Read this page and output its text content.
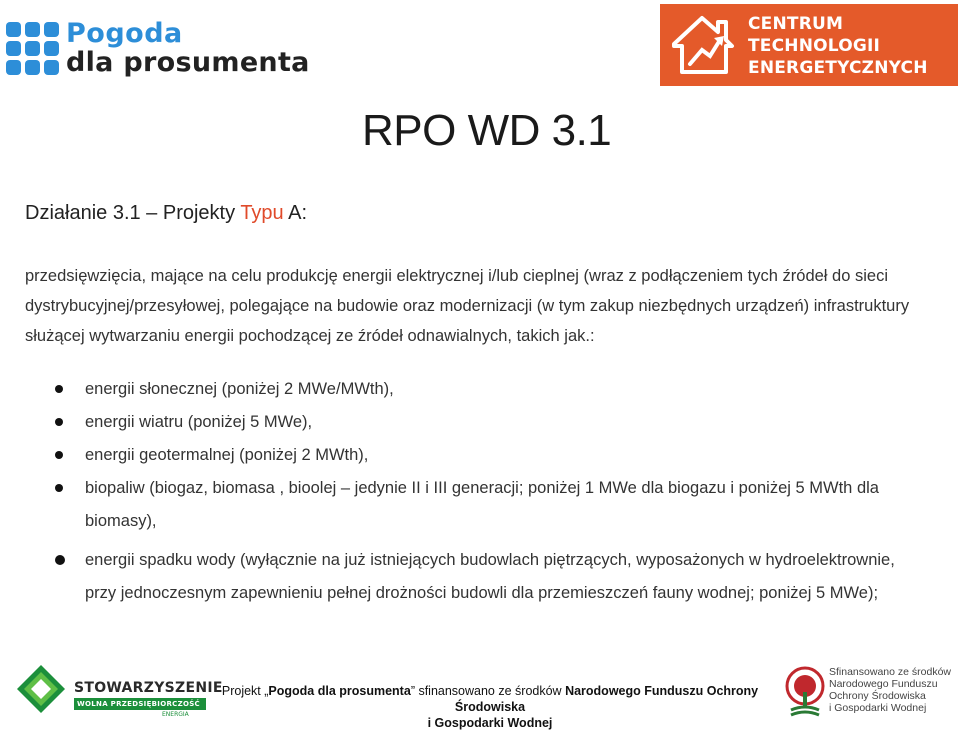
Pogoda
dla prosumenta
CENTRUM
TECHNOLOGII
ENERGETYCZNYCH
RPO WD 3.1
Działanie 3.1 – Projekty Typu A:
przedsięwzięcia, mające na celu produkcję energii elektrycznej i/lub cieplnej (wraz z podłączeniem tych źródeł do sieci
dystrybucyjnej/przesyłowej, polegające na budowie oraz modernizacji (w tym zakup niezbędnych urządzeń) infrastruktury
służącej wytwarzaniu energii pochodzącej ze źródeł odnawialnych, takich jak.:
energii słonecznej (poniżej 2 MWe/MWth),
energii wiatru (poniżej 5 MWe),
energii geotermalnej (poniżej 2 MWth),
biopaliw (biogaz, biomasa , bioolej – jedynie II i III generacji; poniżej 1 MWe dla biogazu i poniżej 5 MWth dla
biomasy),
energii spadku wody (wyłącznie na już istniejących budowlach piętrzących, wyposażonych w hydroelektrownie,
przy jednoczesnym zapewnieniu pełnej drożności budowli dla przemieszczeń fauny wodnej; poniżej 5 MWe);
STOWARZYSZENIE
WOLNA PRZEDSIĘBIORCZOŚĆ
ENERGIA
Projekt „Pogoda dla prosumenta” sfinansowano ze środków Narodowego Funduszu Ochrony Środowiska
i Gospodarki Wodnej
Sfinansowano ze środków
Narodowego Funduszu
Ochrony Środowiska
i Gospodarki Wodnej
